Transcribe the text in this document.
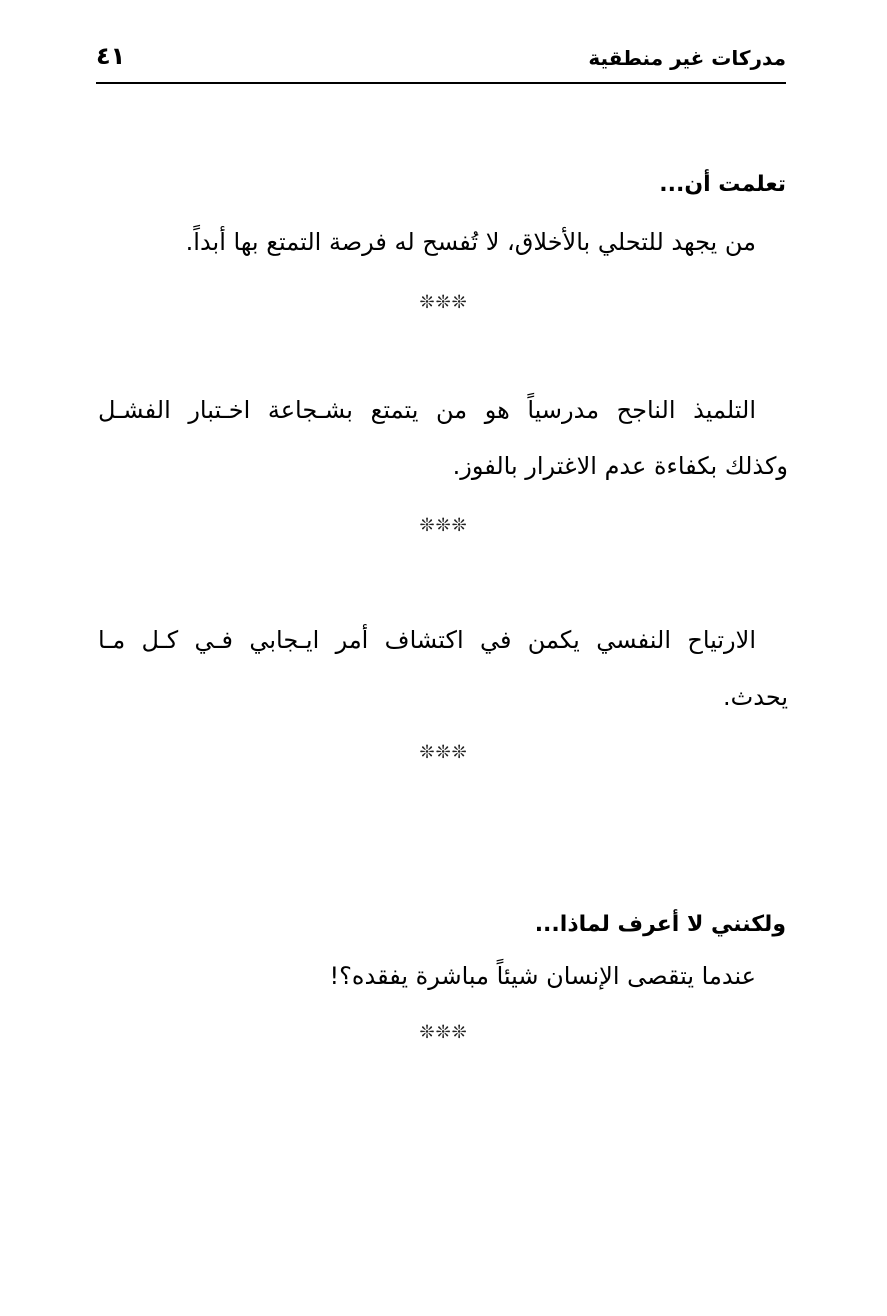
مدركات غير منطقية
٤١
تعلمت أن...
من يجهد للتحلي بالأخلاق، لا تُفسح له فرصة التمتع بها أبداً.
❊❊❊
التلميذ الناجح مدرسياً هو من يتمتع بشـجاعة اخـتبار الفشـل
وكذلك بكفاءة عدم الاغترار بالفوز.
❊❊❊
الارتياح النفسي يكمن في اكتشاف أمر ايـجابي فـي كـل مـا
يحدث.
❊❊❊
ولكنني لا أعرف لماذا...
عندما يتقصى الإنسان شيئاً مباشرة يفقده؟!
❊❊❊
